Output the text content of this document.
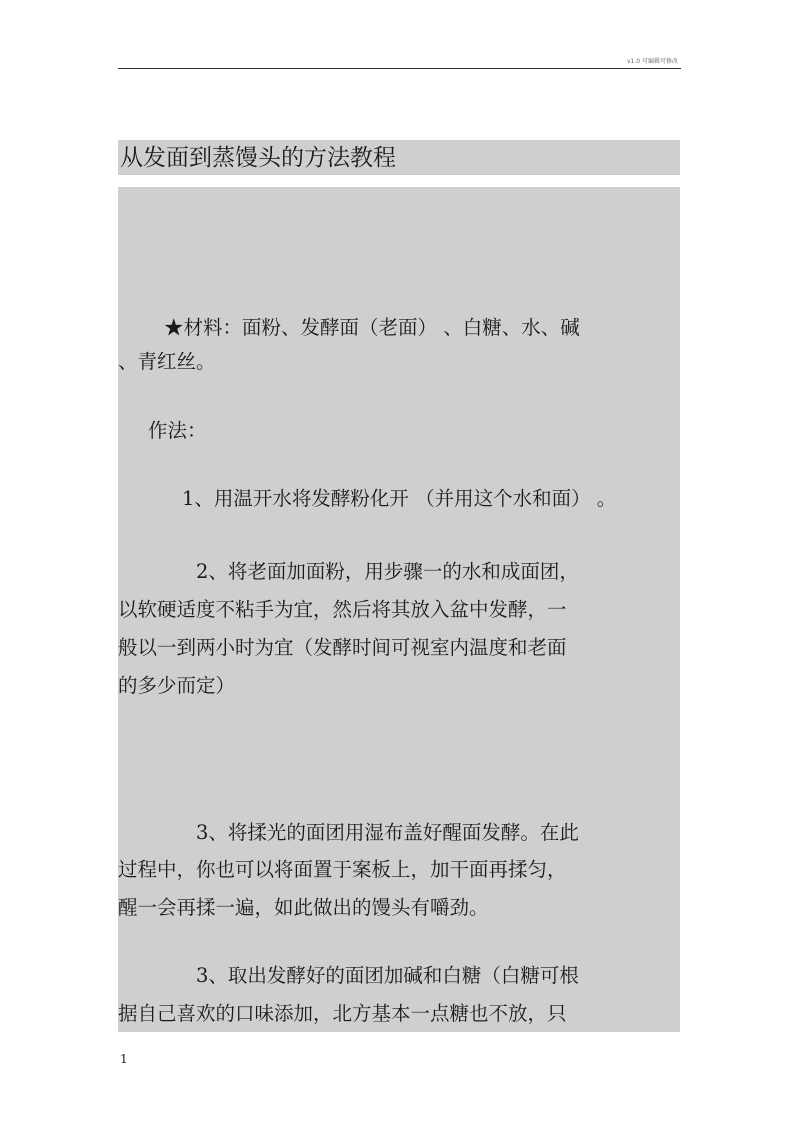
v1.0 可编辑可修改
从发面到蒸馒头的方法教程
★材料：面粉、发酵面（老面） 、白糖、水、碱
、青红丝。
作法：
1、用温开水将发酵粉化开 （并用这个水和面） 。
2、将老面加面粉，用步骤一的水和成面团，
以软硬适度不粘手为宜，然后将其放入盆中发酵，一
般以一到两小时为宜（发酵时间可视室内温度和老面
的多少而定）
3、将揉光的面团用湿布盖好醒面发酵。在此
过程中，你也可以将面置于案板上，加干面再揉匀，
醒一会再揉一遍，如此做出的馒头有嚼劲。
3、取出发酵好的面团加碱和白糖（白糖可根
据自己喜欢的口味添加，北方基本一点糖也不放，只
1
